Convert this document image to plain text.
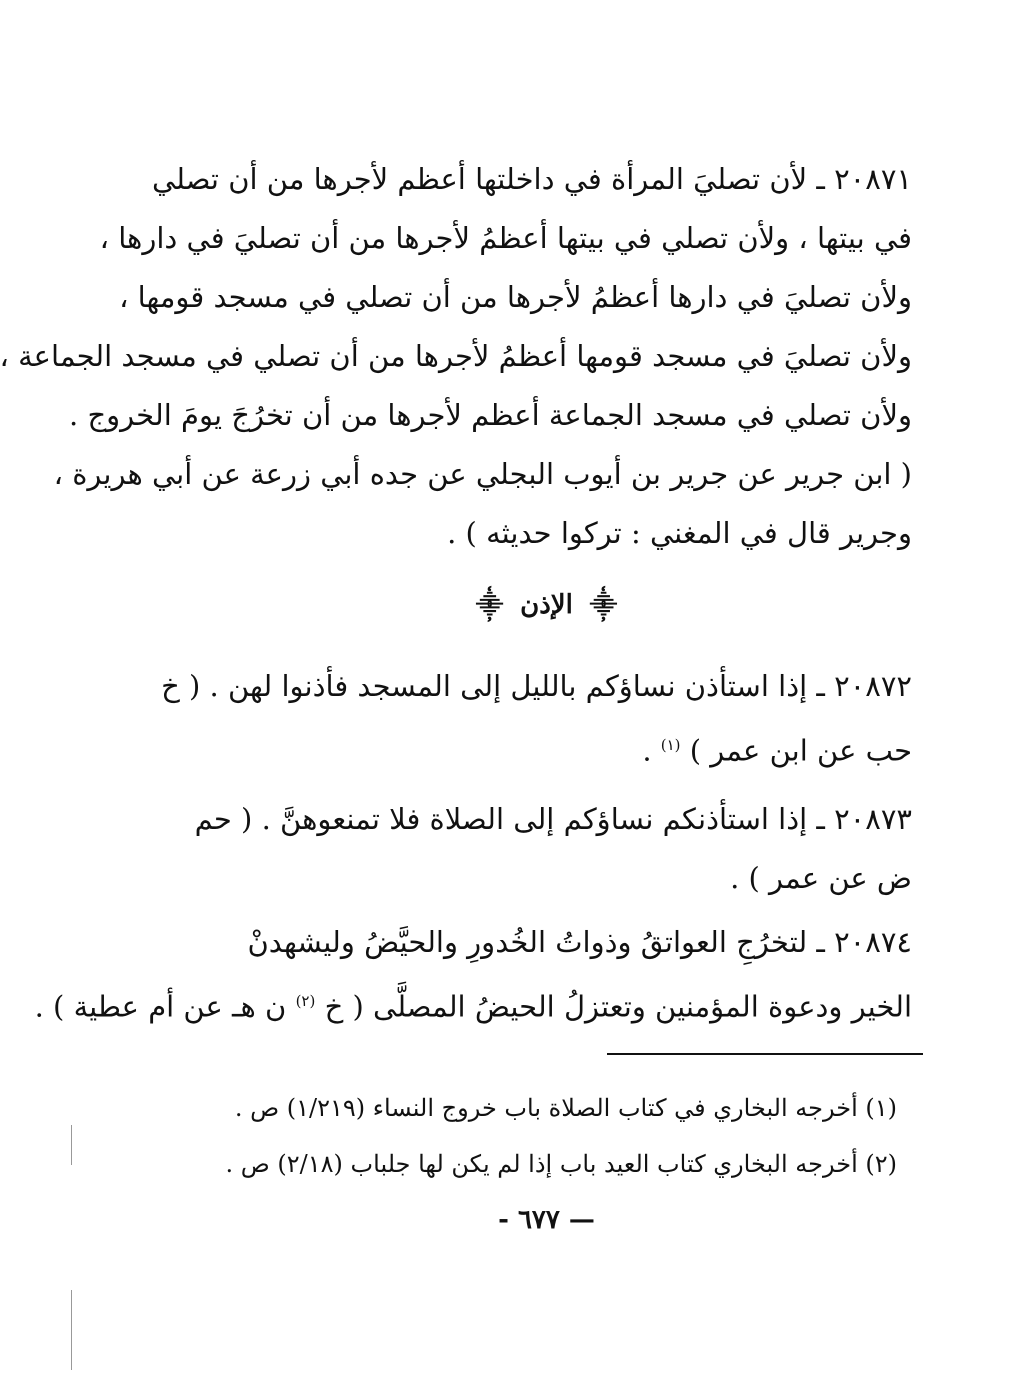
٢٠٨٧١ ـ لأن تصليَ المرأة في داخلتها أعظم لأجرها من أن تصلي
في بيتها ، ولأن تصلي في بيتها أعظمُ لأجرها من أن تصليَ في دارها ،
ولأن تصليَ في دارها أعظمُ لأجرها من أن تصلي في مسجد قومها ،
ولأن تصليَ في مسجد قومها أعظمُ لأجرها من أن تصلي في مسجد الجماعة ،
ولأن تصلي في مسجد الجماعة أعظم لأجرها من أن تخرُجَ يومَ الخروج .
( ابن جرير عن جرير بن أيوب البجلي عن جده أبي زرعة عن أبي هريرة ،
وجرير قال في المغني : تركوا حديثه ) .
⸎ الإذن ⸎
٢٠٨٧٢ ـ إذا استأذن نساؤكم بالليل إلى المسجد فأذنوا لهن . ( خ
حب عن ابن عمر ) $^{(١)}$ .
٢٠٨٧٣ ـ إذا استأذنكم نساؤكم إلى الصلاة فلا تمنعوهنَّ . ( حم
ض عن عمر ) .
٢٠٨٧٤ ـ لتخرُجِ العواتقُ وذواتُ الخُدورِ والحيَّضُ وليشهدنْ
الخير ودعوة المؤمنين وتعتزلُ الحيضُ المصلَّى ( خ $^{(٢)}$ ن هـ عن أم عطية ) .

(١) أخرجه البخاري في كتاب الصلاة باب خروج النساء (١/٢١٩) ص .

(٢) أخرجه البخاري كتاب العيد باب إذا لم يكن لها جلباب (٢/١٨) ص .

— ٦٧٧ -
